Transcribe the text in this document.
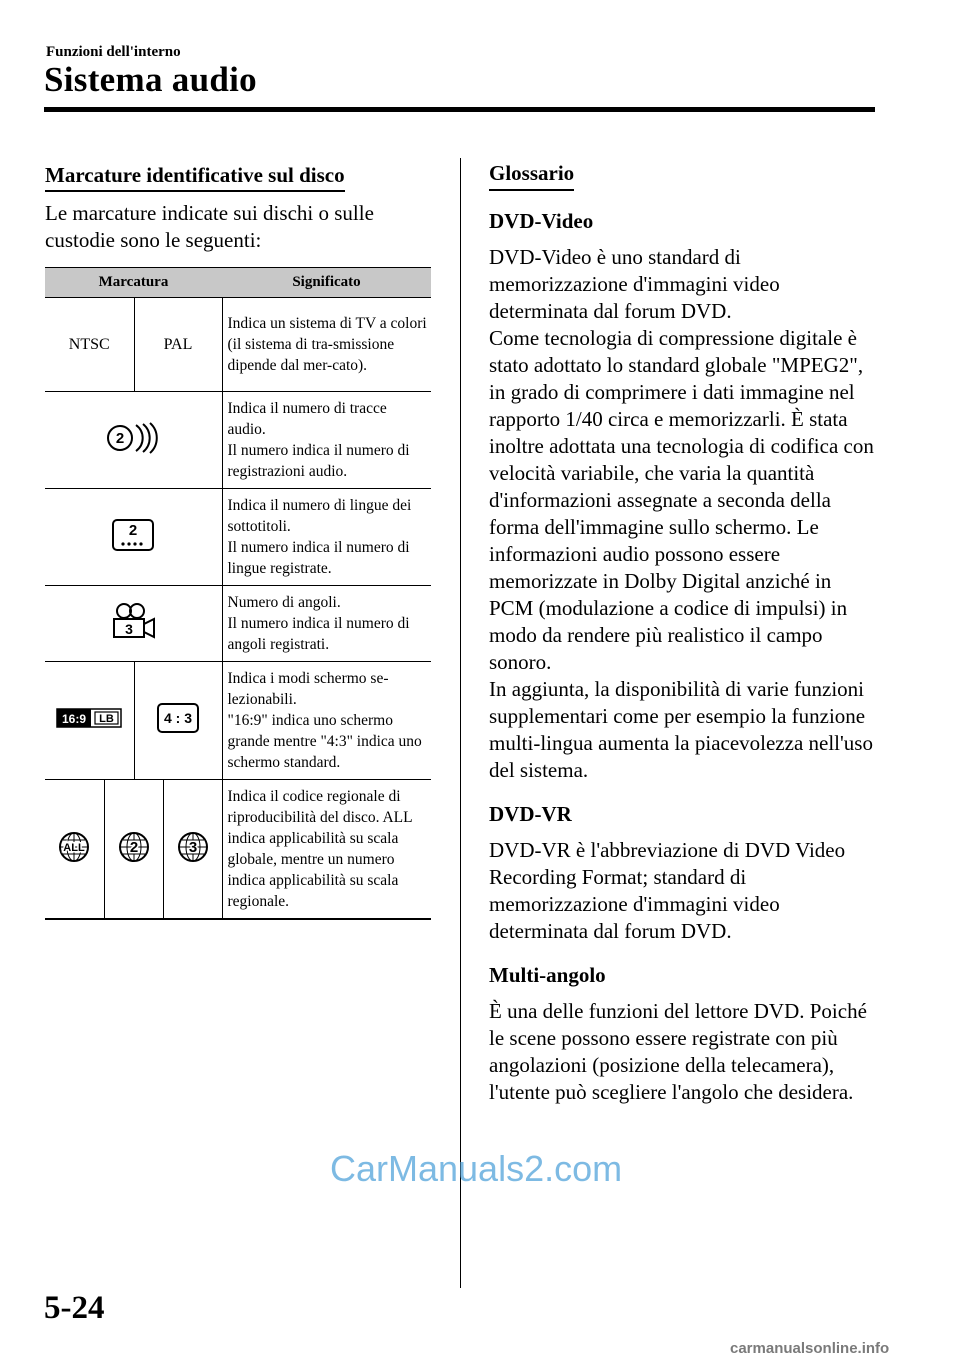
Funzioni dell'interno
Sistema audio
Marcature identificative sul disco
Le marcature indicate sui dischi o sulle custodie sono le seguenti:
Marcatura				Significato
NTSC		PAL		Indica un sistema di TV a colori (il sistema di tra-smissione dipende dal mer-cato).

2				Indica il numero di tracce audio.
Il numero indica il numero di registrazioni audio.

2				Indica il numero di lingue dei sottotitoli.
Il numero indica il numero di lingue registrate.

3				Numero di angoli.
Il numero indica il numero di angoli registrati.

16:9 LB		4 : 3		Indica i modi schermo se-lezionabili.
"16:9" indica uno schermo grande mentre "4:3" indica uno schermo standard.

ALL	2		3	Indica il codice regionale di riproducibilità del disco. ALL indica applicabilità su scala globale, mentre un numero indica applicabilità su scala regionale.
Glossario
DVD-Video

DVD-Video è uno standard di memorizzazione d'immagini video determinata dal forum DVD.
Come tecnologia di compressione digitale è stato adottato lo standard globale "MPEG2", in grado di comprimere i dati immagine nel rapporto 1/40 circa e memorizzarli. È stata inoltre adottata una tecnologia di codifica con velocità variabile, che varia la quantità d'informazioni assegnate a seconda della forma dell'immagine sullo schermo. Le informazioni audio possono essere memorizzate in Dolby Digital anziché in PCM (modulazione a codice di impulsi) in modo da rendere più realistico il campo sonoro.
In aggiunta, la disponibilità di varie funzioni supplementari come per esempio la funzione multi-lingua aumenta la piacevolezza nell'uso del sistema.

DVD-VR

DVD-VR è l'abbreviazione di DVD Video Recording Format; standard di memorizzazione d'immagini video determinata dal forum DVD.

Multi-angolo

È una delle funzioni del lettore DVD. Poiché le scene possono essere registrate con più angolazioni (posizione della telecamera), l'utente può scegliere l'angolo che desidera.

CarManuals2.com
5-24
carmanualsonline.info
